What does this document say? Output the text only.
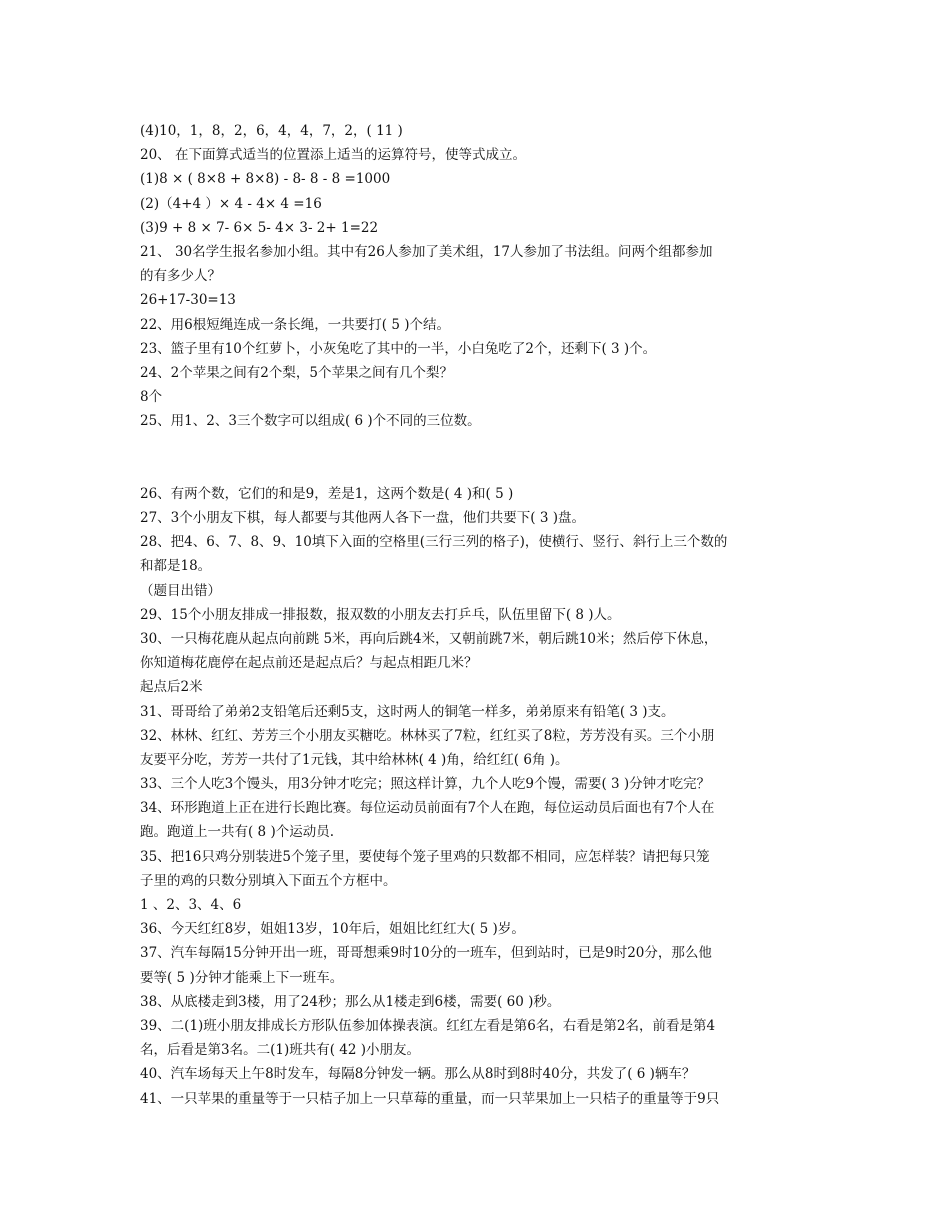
(4)10，1，8，2，6，4，4，7，2，( 11 )
20、 在下面算式适当的位置添上适当的运算符号，使等式成立。
(1)8 × ( 8×8 + 8×8) - 8- 8 - 8 =1000
(2)（4+4 ）× 4 - 4× 4 =16
(3)9 + 8 × 7- 6× 5- 4× 3- 2+ 1=22
21、 30名学生报名参加小组。其中有26人参加了美术组，17人参加了书法组。问两个组都参加
的有多少人？
26+17-30=13
22、用6根短绳连成一条长绳，一共要打( 5 )个结。
23、篮子里有10个红萝卜，小灰兔吃了其中的一半，小白兔吃了2个，还剩下( 3 )个。
24、2个苹果之间有2个梨，5个苹果之间有几个梨？
8个
25、用1、2、3三个数字可以组成( 6 )个不同的三位数。
26、有两个数，它们的和是9，差是1，这两个数是( 4 )和( 5 )
27、3个小朋友下棋，每人都要与其他两人各下一盘，他们共要下( 3 )盘。
28、把4、6、7、8、9、10填下入面的空格里(三行三列的格子)，使横行、竖行、斜行上三个数的
和都是18。
（题目出错）
29、15个小朋友排成一排报数，报双数的小朋友去打乒乓，队伍里留下( 8 )人。
30、一只梅花鹿从起点向前跳 5米，再向后跳4米，又朝前跳7米，朝后跳10米；然后停下休息，
你知道梅花鹿停在起点前还是起点后？与起点相距几米？
起点后2米
31、哥哥给了弟弟2支铅笔后还剩5支，这时两人的铜笔一样多，弟弟原来有铅笔( 3 )支。
32、林林、红红、芳芳三个小朋友买糖吃。林林买了7粒，红红买了8粒，芳芳没有买。三个小朋
友要平分吃，芳芳一共付了1元钱，其中给林林( 4 )角，给红红( 6角 )。
33、三个人吃3个馒头，用3分钟才吃完；照这样计算，九个人吃9个馒，需要( 3 )分钟才吃完？
34、环形跑道上正在进行长跑比赛。每位运动员前面有7个人在跑，每位运动员后面也有7个人在
跑。跑道上一共有( 8 )个运动员.
35、把16只鸡分别装进5个笼子里，要使每个笼子里鸡的只数都不相同，应怎样装？请把每只笼
子里的鸡的只数分别填入下面五个方框中。
1 、2、3、4、6
36、今天红红8岁，姐姐13岁，10年后，姐姐比红红大( 5 )岁。
37、汽车每隔15分钟开出一班，哥哥想乘9时10分的一班车，但到站时，已是9时20分，那么他
要等( 5 )分钟才能乘上下一班车。
38、从底楼走到3楼，用了24秒；那么从1楼走到6楼，需要( 60 )秒。
39、二(1)班小朋友排成长方形队伍参加体操表演。红红左看是第6名，右看是第2名，前看是第4
名，后看是第3名。二(1)班共有( 42 )小朋友。
40、汽车场每天上午8时发车，每隔8分钟发一辆。那么从8时到8时40分，共发了( 6 )辆车？
41、一只苹果的重量等于一只桔子加上一只草莓的重量，而一只苹果加上一只桔子的重量等于9只
